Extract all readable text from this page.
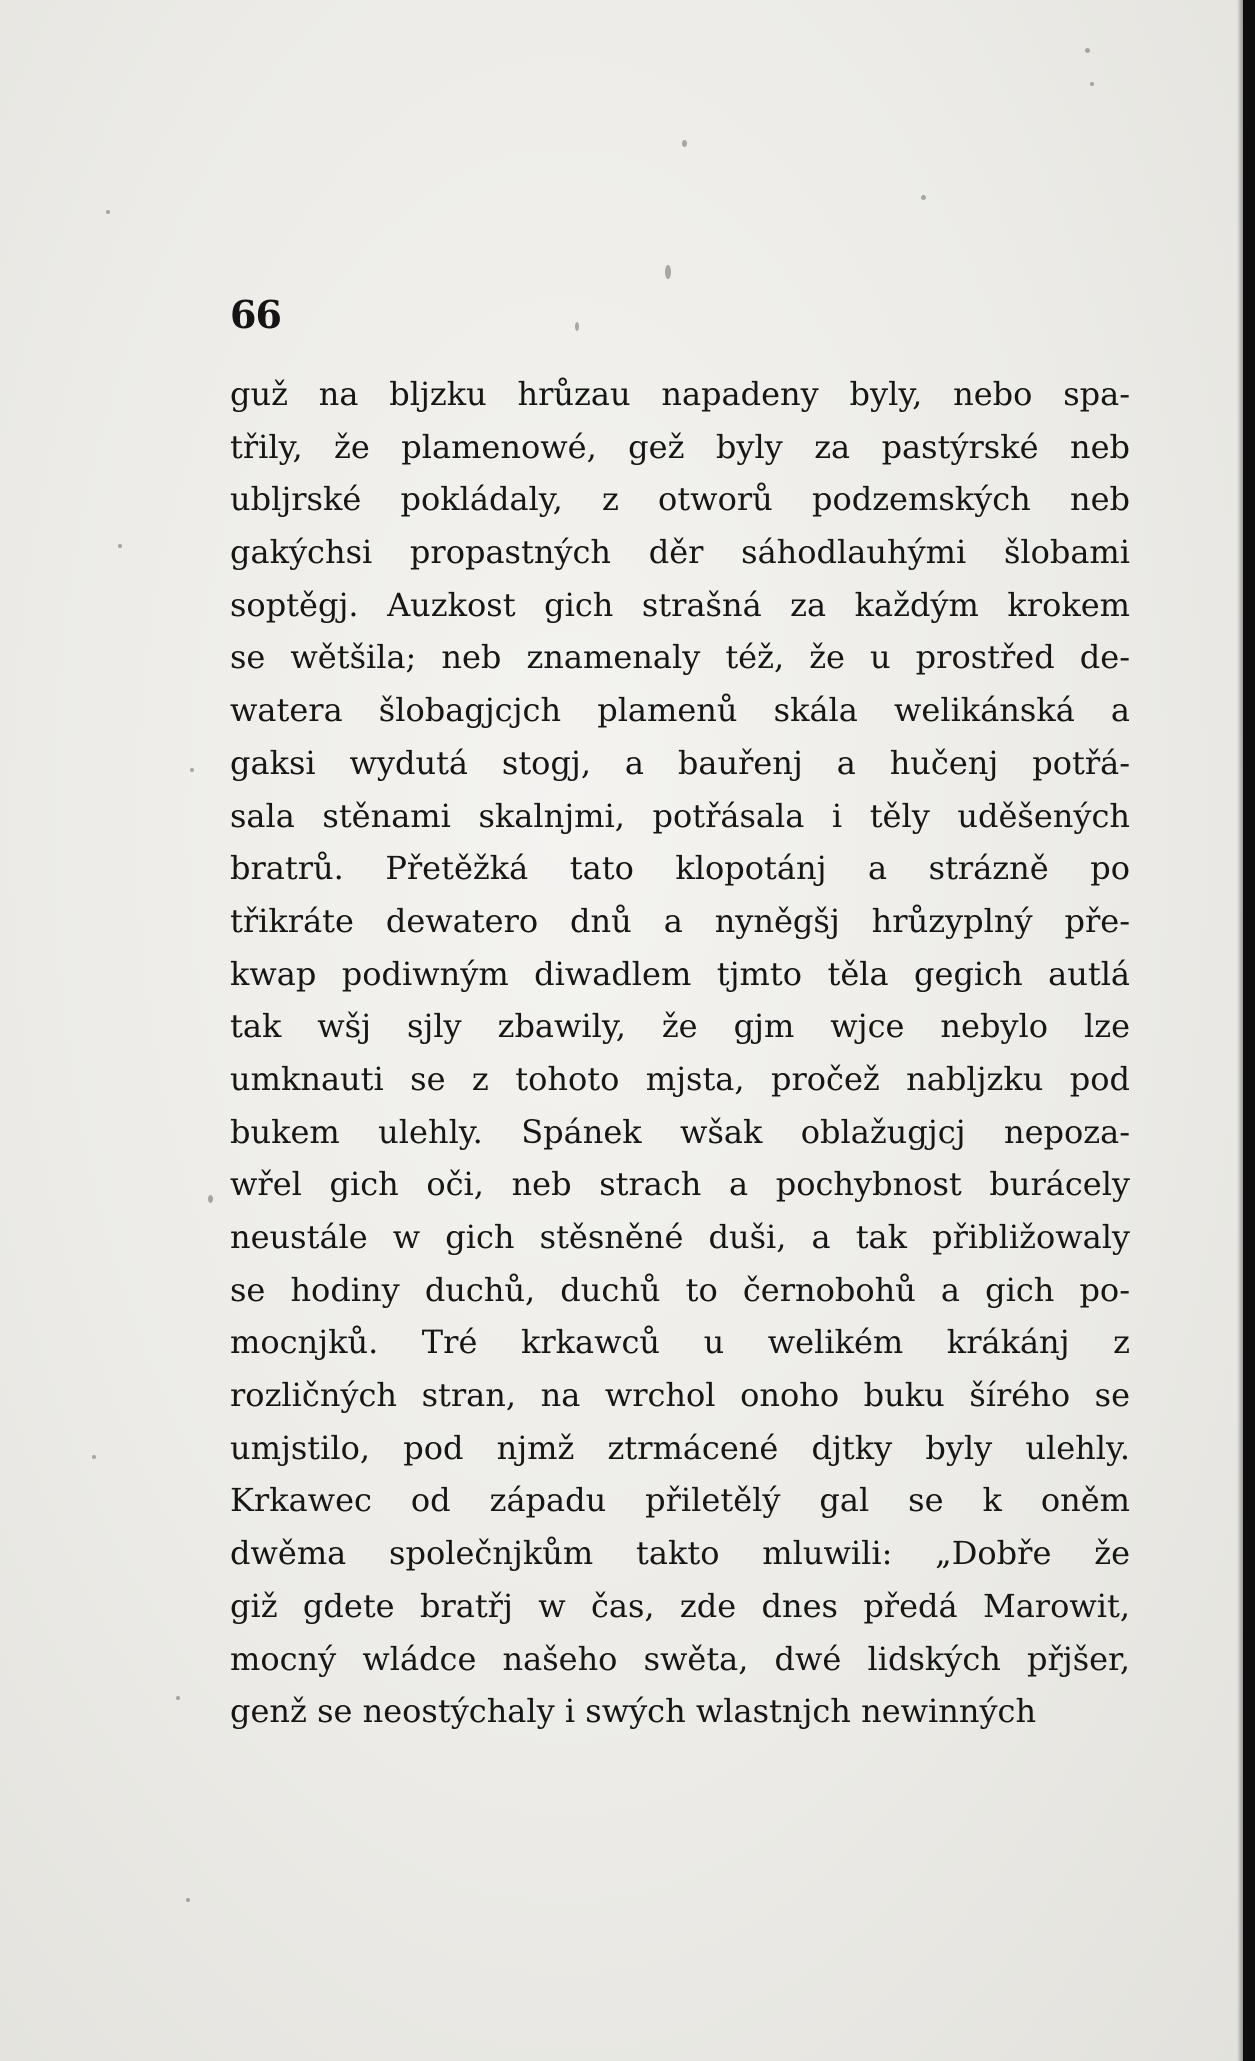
66
guž na bljzku hrůzau napadeny byly, nebo spa-
třily, že plamenowé, gež byly za pastýrské neb
ubljrské pokládaly, z otworů podzemských neb
gakýchsi propastných děr sáhodlauhými šlobami
soptěgj. Auzkost gich strašná za každým krokem
se wětšila; neb znamenaly též, že u prostřed de-
watera šlobagjcjch plamenů skála welikánská a
gaksi wydutá stogj, a bauřenj a hučenj potřá-
sala stěnami skalnjmi, potřásala i těly uděšených
bratrů. Přetěžká tato klopotánj a strázně po
třikráte dewatero dnů a nyněgšj hrůzyplný pře-
kwap podiwným diwadlem tjmto těla gegich autlá
tak wšj sjly zbawily, že gjm wjce nebylo lze
umknauti se z tohoto mjsta, pročež nabljzku pod
bukem ulehly. Spánek wšak oblažugjcj nepoza-
wřel gich oči, neb strach a pochybnost burácely
neustále w gich stěsněné duši, a tak přibližowaly
se hodiny duchů, duchů to černobohů a gich po-
mocnjků. Tré krkawců u welikém krákánj z
rozličných stran, na wrchol onoho buku šírého se
umjstilo, pod njmž ztrmácené djtky byly ulehly.
Krkawec od západu přiletělý gal se k oněm
dwěma společnjkům takto mluwili: „Dobře že
giž gdete bratřj w čas, zde dnes předá Marowit,
mocný wládce našeho swěta, dwé lidských přjšer,
genž se neostýchaly i swých wlastnjch newinných
